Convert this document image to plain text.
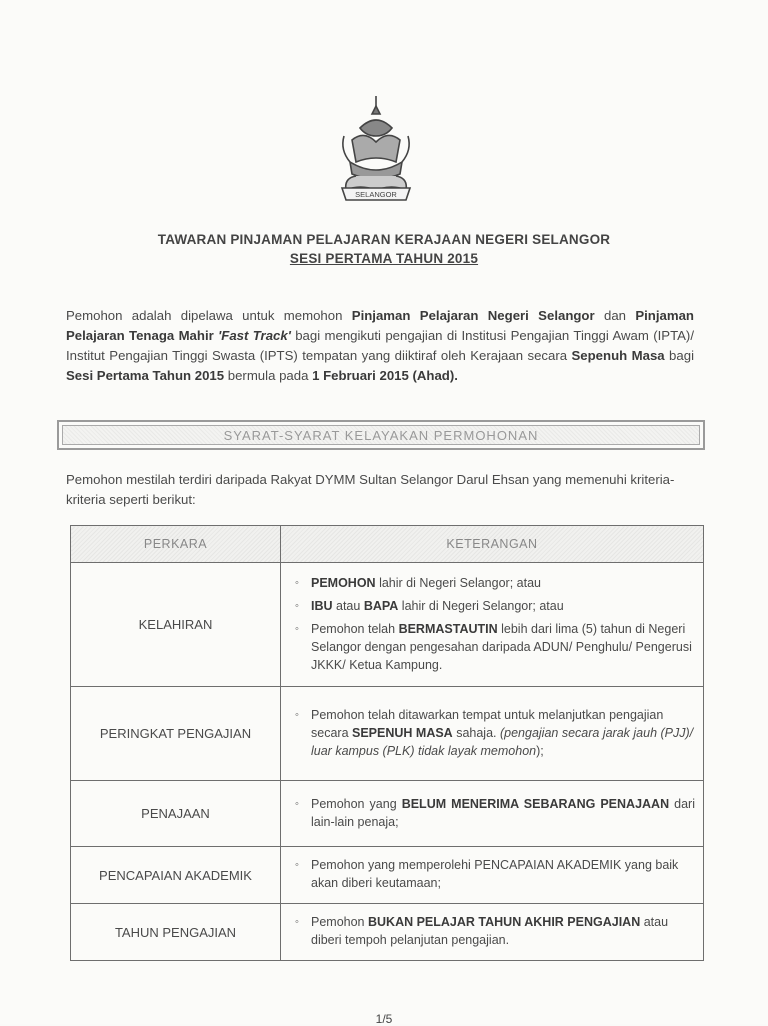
SELANGOR
TAWARAN PINJAMAN PELAJARAN KERAJAAN NEGERI SELANGOR
SESI PERTAMA TAHUN 2015
Pemohon adalah dipelawa untuk memohon Pinjaman Pelajaran Negeri Selangor dan Pinjaman Pelajaran Tenaga Mahir 'Fast Track' bagi mengikuti pengajian di Institusi Pengajian Tinggi Awam (IPTA)/ Institut Pengajian Tinggi Swasta (IPTS) tempatan yang diiktiraf oleh Kerajaan secara Sepenuh Masa bagi Sesi Pertama Tahun 2015 bermula pada 1 Februari 2015 (Ahad).
SYARAT-SYARAT KELAYAKAN PERMOHONAN
Pemohon mestilah terdiri daripada Rakyat DYMM Sultan Selangor Darul Ehsan yang memenuhi kriteria-kriteria seperti berikut:
PERKARA	KETERANGAN
KELAHIRAN	◦ PEMOHON lahir di Negeri Selangor; atau
◦ IBU atau BAPA lahir di Negeri Selangor; atau
◦ Pemohon telah BERMASTAUTIN lebih dari lima (5) tahun di Negeri Selangor dengan pengesahan daripada ADUN/ Penghulu/ Pengerusi JKKK/ Ketua Kampung.

PERINGKAT PENGAJIAN	◦ Pemohon telah ditawarkan tempat untuk melanjutkan pengajian secara SEPENUH MASA sahaja. (pengajian secara jarak jauh (PJJ)/ luar kampus (PLK) tidak layak memohon);

PENAJAAN	◦ Pemohon yang BELUM MENERIMA SEBARANG PENAJAAN dari lain-lain penaja;

PENCAPAIAN AKADEMIK	◦ Pemohon yang memperolehi PENCAPAIAN AKADEMIK yang baik akan diberi keutamaan;

TAHUN PENGAJIAN	◦ Pemohon BUKAN PELAJAR TAHUN AKHIR PENGAJIAN atau diberi tempoh pelanjutan pengajian.
1/5
